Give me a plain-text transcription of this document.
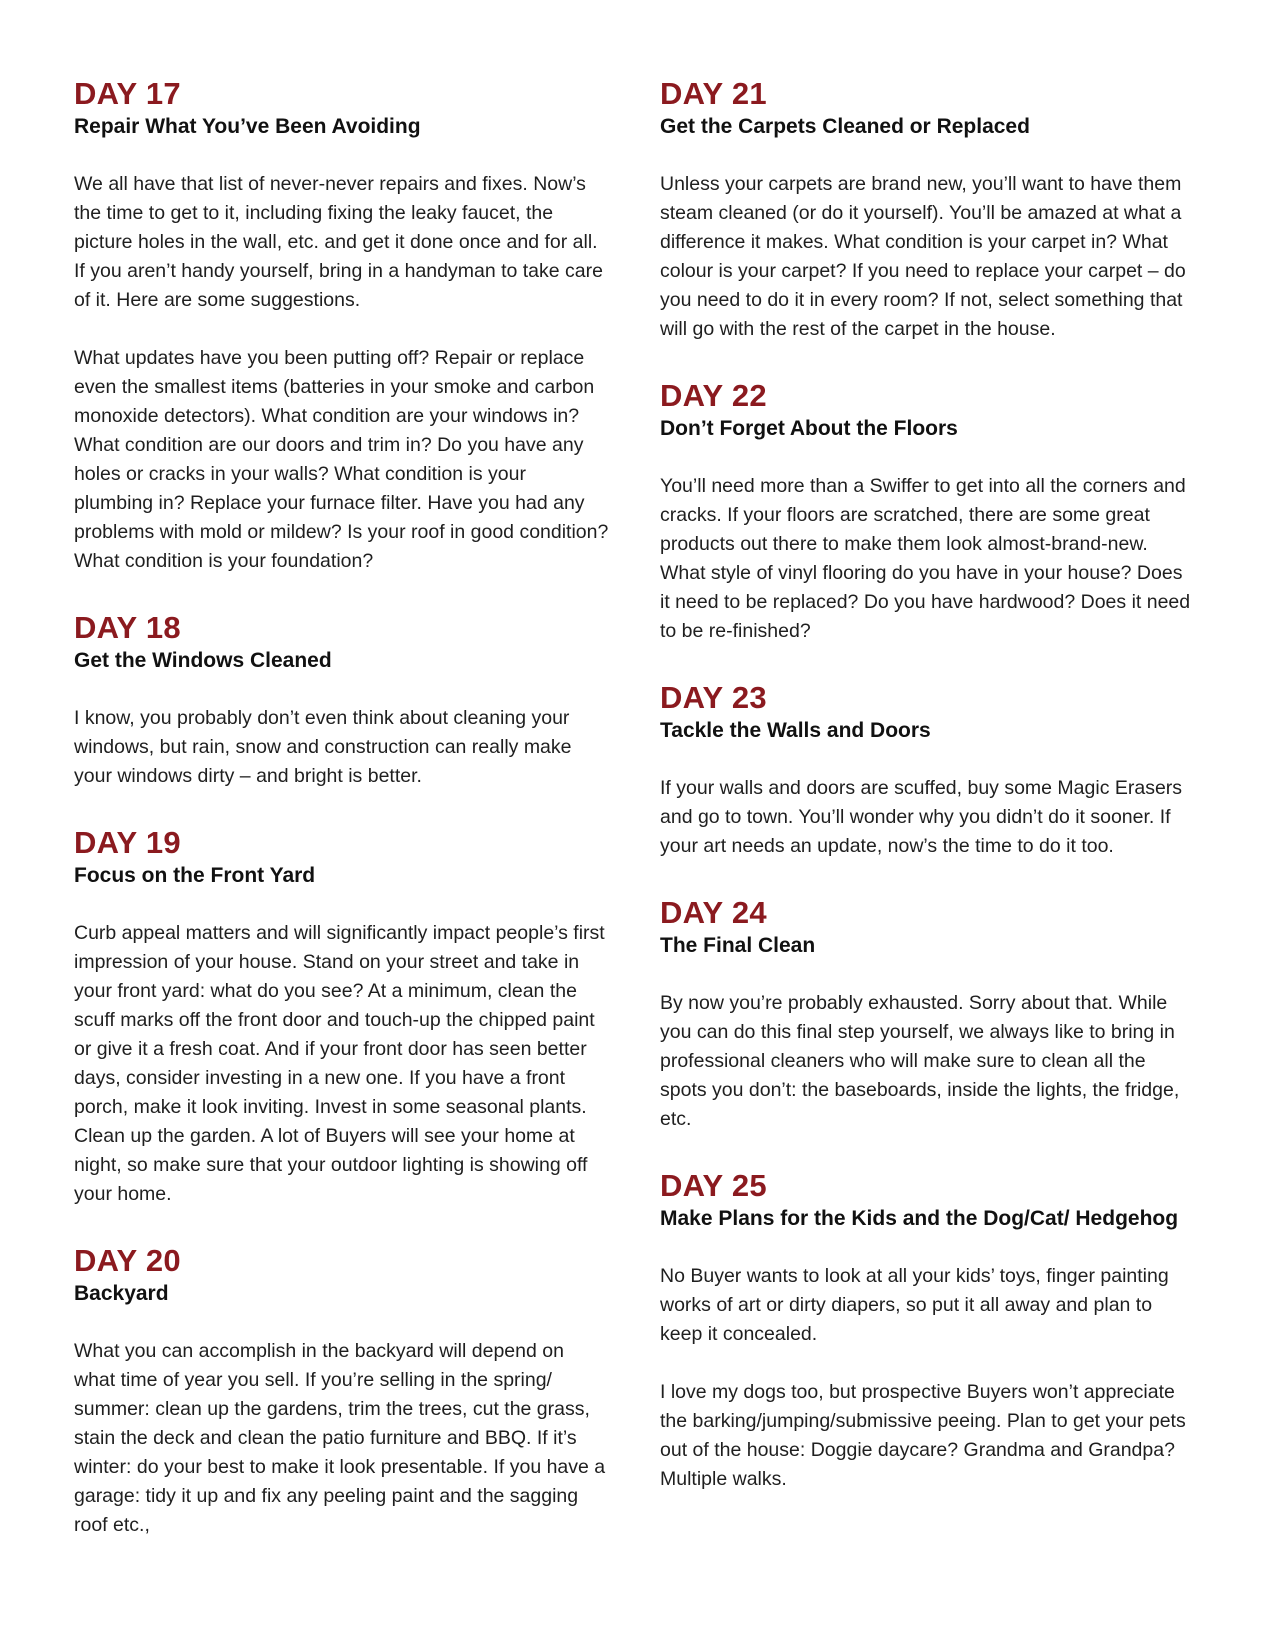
DAY 17
Repair What You’ve Been Avoiding

We all have that list of never-never repairs and fixes. Now’s the time to get to it, including fixing the leaky faucet, the picture holes in the wall, etc. and get it done once and for all. If you aren’t handy yourself, bring in a handyman to take care of it. Here are some suggestions.

What updates have you been putting off? Repair or replace even the smallest items (batteries in your smoke and carbon monoxide detectors). What condition are your windows in? What condition are our doors and trim in? Do you have any holes or cracks in your walls? What condition is your plumbing in? Replace your furnace filter. Have you had any problems with mold or mildew? Is your roof in good condition? What condition is your foundation?

DAY 18
Get the Windows Cleaned

I know, you probably don’t even think about cleaning your windows, but rain, snow and construction can really make your windows dirty – and bright is better.

DAY 19
Focus on the Front Yard

Curb appeal matters and will significantly impact people’s first impression of your house. Stand on your street and take in your front yard: what do you see? At a minimum, clean the scuff marks off the front door and touch-up the chipped paint or give it a fresh coat. And if your front door has seen better days, consider investing in a new one. If you have a front porch, make it look inviting. Invest in some seasonal plants. Clean up the garden. A lot of Buyers will see your home at night, so make sure that your outdoor lighting is showing off your home.

DAY 20
Backyard

What you can accomplish in the backyard will depend on what time of year you sell. If you’re selling in the spring/ summer: clean up the gardens, trim the trees, cut the grass, stain the deck and clean the patio furniture and BBQ. If it’s winter: do your best to make it look presentable. If you have a garage: tidy it up and fix any peeling paint and the sagging roof etc.,

DAY 21
Get the Carpets Cleaned or Replaced

Unless your carpets are brand new, you’ll want to have them steam cleaned (or do it yourself). You’ll be amazed at what a difference it makes. What condition is your carpet in? What colour is your carpet? If you need to replace your carpet – do you need to do it in every room? If not, select something that will go with the rest of the carpet in the house.

DAY 22
Don’t Forget About the Floors

You’ll need more than a Swiffer to get into all the corners and cracks. If your floors are scratched, there are some great products out there to make them look almost-brand-new. What style of vinyl flooring do you have in your house? Does it need to be replaced? Do you have hardwood? Does it need to be re-finished?

DAY 23
Tackle the Walls and Doors

If your walls and doors are scuffed, buy some Magic Erasers and go to town. You’ll wonder why you didn’t do it sooner. If your art needs an update, now’s the time to do it too.

DAY 24
The Final Clean

By now you’re probably exhausted. Sorry about that. While you can do this final step yourself, we always like to bring in professional cleaners who will make sure to clean all the spots you don’t: the baseboards, inside the lights, the fridge, etc.

DAY 25
Make Plans for the Kids and the Dog/Cat/ Hedgehog

No Buyer wants to look at all your kids’ toys, finger painting works of art or dirty diapers, so put it all away and plan to keep it concealed.

I love my dogs too, but prospective Buyers won’t appreciate the barking/jumping/submissive peeing. Plan to get your pets out of the house: Doggie daycare? Grandma and Grandpa? Multiple walks.
